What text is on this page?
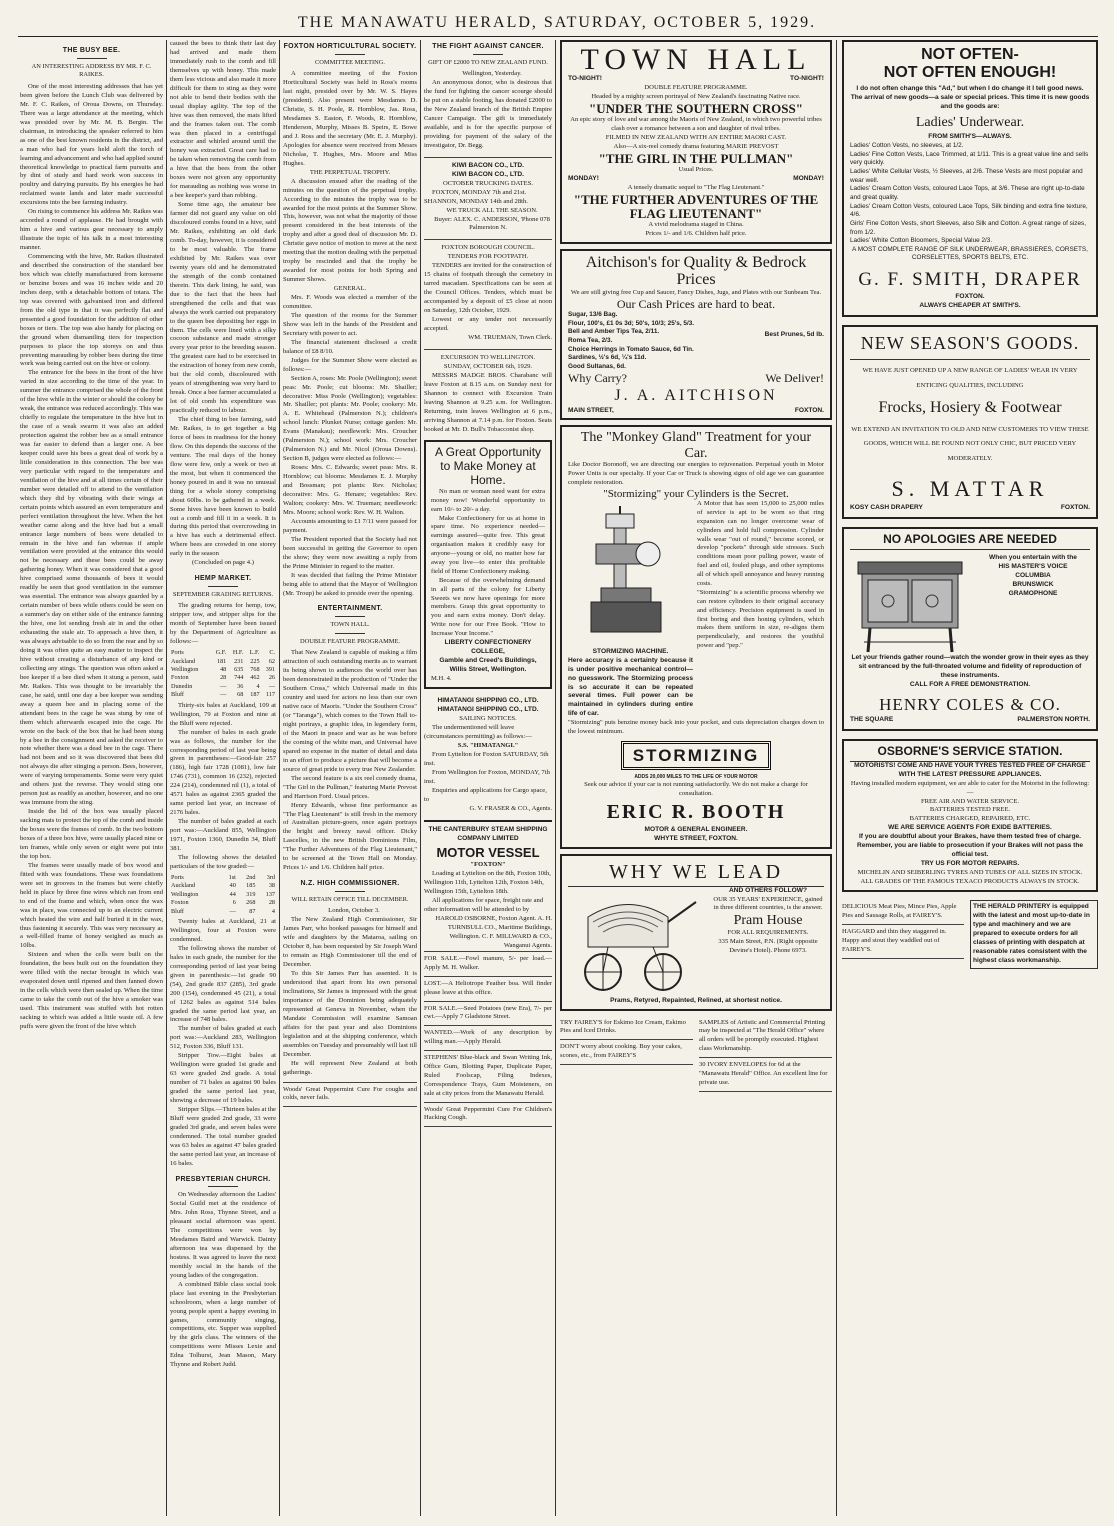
THE MANAWATU HERALD, SATURDAY, OCTOBER 5, 1929.
THE BUSY BEE.
AN INTERESTING ADDRESS BY MR. F. C. RAIKES.

One of the most interesting addresses that has yet been given before the Lunch Club was delivered by Mr. F. C. Raikes, of Oroua Downs, on Thursday. There was a large attendance at the meeting, which was presided over by Mr. M. B. Bergin. The chairman, in introducing the speaker referred to him as one of the best known residents in the district, and a man who had for years held aloft the torch of learning and advancement and who had applied sound theoretical knowledge to practical farm pursuits and by dint of study and hard work won success in poultry and dairying pursuits. By his energies he had reclaimed waste lands and later made successful excursions into the bee farming industry.

On rising to commence his address Mr. Raikes was accorded a round of applause. He had brought with him a hive and various gear necessary to amply illustrate the topic of his talk in a most interesting manner.

Commencing with the hive, Mr. Raikes illustrated and described the construction of the standard bee box which was chiefly manufactured from kerosene or benzine boxes and was 16 inches wide and 20 inches deep, with a detachable bottom of totara. The top was covered with galvanised iron and differed from the old type in that it was perfectly flat and presented a good foundation for the addition of other boxes or tiers. The top was also handy for placing on the ground when dismantling tiers for inspection purposes to place the top storeys on and thus preventing marauding by robber bees during the time work was being carried out on the hive or colony.

The entrance for the bees in the front of the hive varied in size according to the time of the year. In summer the entrance comprised the whole of the front of the hive while in the winter or should the colony be weak, the entrance was reduced accordingly. This was chiefly to regulate the temperature in the hive but in the case of a weak swarm it was also an added protection against the robber bee as a small entrance was far easier to defend than a larger one. A bee keeper could save his bees a great deal of work by a little consideration in this connection. The bee was very particular with regard to the temperature and ventilation of the hive and at all times certain of their number were detailed off to attend to the ventilation which they did by vibrating with their wings at certain points which assured an even temperature and perfect ventilation throughout the hive. When the hot weather came along and the hive had but a small entrance large numbers of bees were detailed to remain in the hive and fan whereas if ample ventilation were provided at the entrance this would not be necessary and these bees could be away gathering honey. When it was considered that a good hive comprised some thousands of bees it would readily be seen that good ventilation in the summer was essential. The entrance was always guarded by a certain number of bees while others could be seen on a summer's day on either side of the entrance fanning the hive, one lot sending fresh air in and the other exhausting the stale air. To approach a hive then, it was always advisable to do so from the rear and by so doing it was often quite an easy matter to inspect the hive without creating a disturbance of any kind or collecting any stings. The question was often asked a bee keeper if a bee died when it stung a person, said Mr. Raikes. This was thought to be invariably the case, he said, until one day a bee keeper was sending away a queen bee and in placing some of the attendant bees in the cage he was stung by one of them which afterwards escaped into the cage. He wrote on the back of the box that he had been stung by a bee in the consignment and asked the receiver to note whether there was a dead bee in the cage. There had not been and so it was discovered that bees did not always die after stinging a person. Bees, however, were of varying temperaments. Some were very quiet and others just the reverse. They would sting one person just as readily as another, however, and no one was immune from the sting.

Inside the lid of the box was usually placed sacking mats to protect the top of the comb and inside the boxes were the frames of comb. In the two bottom boxes of a three box hive, were usually placed nine or ten frames, while only seven or eight were put into the top box.

The frames were usually made of box wood and fitted with wax foundations. These wax foundations were set in grooves in the frames but were chiefly held in place by three fine wires which ran from end to end of the frame and which, when once the wax was in place, was connected up to an electric current which heated the wire and half buried it in the wax, thus fastening it securely. This was very necessary as a well-filled frame of honey weighed as much as 10lbs.

Sixteen and when the cells were built on the foundation, the bees built out on the foundation they were filled with the nectar brought in which was evaporated down until ripened and then fanned down in the cells which were then sealed up. When the time came to take the comb out of the hive a smoker was used. This instrument was stuffed with hot rotten sacking to which was added a little waste oil. A few puffs were given the front of the hive which

caused the bees to think their last day had arrived and made them immediately rush to the comb and fill themselves up with honey. This made them less vicious and also made it more difficult for them to sting as they were not able to bend their bodies with the usual display agility. The top of the hive was then removed, the mats lifted and the frames taken out. The comb was then placed in a centrifugal extractor and whirled around until the honey was extracted. Great care had to be taken when removing the comb from a hive that the bees from the other boxes were not given any opportunity for marauding as nothing was worse in a bee keeper's yard than robbing.

Some time ago, the amateur bee farmer did not guard any value on old discoloured combs found in a hive, said Mr. Raikes, exhibiting an old dark comb. To-day, however, it is considered to be most valuable. The frame exhibited by Mr. Raikes was over twenty years old and he demonstrated the strength of the comb contained therein. This dark lining, he said, was due to the fact that the bees had strengthened the cells and that was always the work carried out preparatory to the queen bee depositing her eggs in them. The cells were lined with a silky cocoon substance and made stronger every year prior to the breeding season. The greatest care had to be exercised in the extraction of honey from new comb, but the old comb, discoloured with years of strengthening was very hard to break. Once a bee farmer accumulated a lot of old comb his expenditure was practically reduced to labour.

The chief thing in bee farming, said Mr. Raikes, is to get together a big force of bees in readiness for the honey flow. On this depends the success of the venture. The real days of the honey flow were few, only a week or two at the most, but when it commenced the honey poured in and it was no unusual thing for a whole storey comprising about 60lbs. to be gathered in a week. Some hives have been known to build out a comb and fill it in a week. It is during this period that overcrowding in a hive has such a detrimental effect. Where bees are crowded in one storey early in the season

(Concluded on page 4.)
HEMP MARKET.
SEPTEMBER GRADING RETURNS.

The grading returns for hemp, tow, stripper tow, and stripper slips for the month of September have been issued by the Department of Agriculture as follows:—

Ports	G.F.	H.F.	L.F.	C.
Auckland	181	231	225	62
Wellington	48	635	768	391
Foxton	28	744	462	26
Dunedin	—	36	4	—
Bluff	—	68	187	117

Thirty-six bales at Auckland, 109 at Wellington, 79 at Foxton and nine at the Bluff were rejected.

The number of bales in each grade was as follows, the number for the corresponding period of last year being given in parentheses:—Good-fair 257 (186), high fair 1728 (1081), low fair 1746 (731), common 16 (232), rejected 224 (214), condemned nil (1), a total of 4571 bales as against 2365 graded the same period last year, an increase of 2176 bales.

The number of bales graded at each port was:—Auckland 855, Wellington 1971, Foxton 1360, Dunedin 34, Bluff 381.

The following shows the detailed particulars of the tow graded:—

Ports	1st	2nd	3rd
Auckland	40	185	38
Wellington	44	319	137
Foxton	6	268	28
Bluff	—	87	4

Twenty bales at Auckland, 21 at Wellington, four at Foxton were condemned.

The following shows the number of bales in each grade, the number for the corresponding period of last year being given in parenthesis:—1st grade 90 (54), 2nd grade 837 (285), 3rd grade 200 (154), condemned 45 (21), a total of 1262 bales as against 514 bales graded the same period last year, an increase of 748 bales.

The number of bales graded at each port was:—Auckland 283, Wellington 512, Foxton 336, Bluff 131.

Stripper Tow.—Eight bales at Wellington were graded 1st grade and 63 were graded 2nd grade. A total number of 71 bales as against 90 bales graded the same period last year, showing a decrease of 19 bales.

Stripper Slips.—Thirteen bales at the Bluff were graded 2nd grade, 33 were graded 3rd grade, and seven bales were condemned. The total number graded was 63 bales as against 47 bales graded the same period last year, an increase of 16 bales.

PRESBYTERIAN CHURCH.

On Wednesday afternoon the Ladies' Social Guild met at the residence of Mrs. John Ross, Thynne Street, and a pleasant social afternoon was spent. The competitions were won by Mesdames Baird and Warwick. Dainty afternoon tea was dispensed by the hostess. It was agreed to leave the next monthly social in the hands of the young ladies of the congregation.

A combined Bible class social took place last evening in the Presbyterian schoolroom, when a large number of young people spent a happy evening in games, community singing, competitions, etc. Supper was supplied by the girls class. The winners of the competitions were Misses Lexie and Edna Tolhurst, Jean Mason, Mary Thynne and Robert Judd.

FOXTON HORTICULTURAL SOCIETY.
COMMITTEE MEETING.

A committee meeting of the Foxton Horticultural Society was held in Ross's rooms last night, presided over by Mr. W. S. Hayes (president). Also present were Mesdames D. Christie, S. H. Poole, R. Hornblow, Jas. Ross, Mesdames S. Easton, F. Woods, R. Hornblow, Henderson, Murphy, Misses B. Speirs, E. Bowe and J. Ross and the secretary (Mr. E. J. Murphy). Apologies for absence were received from Messrs Nicholas, T. Hughes, Mrs. Moore and Miss Hughes.

THE PERPETUAL TROPHY.

A discussion ensued after the reading of the minutes on the question of the perpetual trophy. According to the minutes the trophy was to be awarded for the most points at the Summer Show. This, however, was not what the majority of those present considered in the best interests of the trophy and after a good deal of discussion Mr. D. Christie gave notice of motion to move at the next meeting that the motion dealing with the perpetual trophy be rescinded and that the trophy be awarded for most points for both Spring and Summer Shows.

GENERAL.

Mrs. F. Woods was elected a member of the committee.

The question of the rooms for the Summer Show was left in the hands of the President and Secretary with power to act.

The financial statement disclosed a credit balance of £8 8/10.

Judges for the Summer Show were elected as follows:—

Section A, roses: Mr. Poole (Wellington); sweet peas: Mr. Poole; cut blooms: Mr. Shailler; decorative: Miss Poole (Wellington); vegetables: Mr. Shailler; pot plants: Mr. Poole; cookery: Mr. A. E. Whitehead (Palmerston N.); children's school lunch: Plunket Nurse; cottage garden: Mr. Evans (Manakau); needlework: Mrs. Croucher (Palmerston N.); school work: Mrs. Croucher (Palmerston N.) and Mr. Nicol (Oroua Downs). Section B, judges were elected as follows:—

Roses: Mrs. C. Edwards; sweet peas: Mrs. R. Hornblow; cut blooms: Mesdames E. J. Murphy and Bossman; pot plants: Rev. Nicholas; decorative: Mrs. G. Henare; vegetables: Rev. Walton; cookery: Mrs. W. Trueman; needlework: Mrs. Moore; school work: Rev. W. H. Walton.

Accounts amounting to £1 7/11 were passed for payment.

The President reported that the Society had not been successful in getting the Governor to open the show; they were now awaiting a reply from the Prime Minister in regard to the matter.

It was decided that failing the Prime Minister being able to attend that the Mayor of Wellington (Mr. Troup) be asked to preside over the opening.

ENTERTAINMENT.
TOWN HALL.
DOUBLE FEATURE PROGRAMME.

That New Zealand is capable of making a film attraction of such outstanding merits as to warrant its being shown to audiences the world over has been demonstrated in the production of "Under the Southern Cross," which Universal made in this country and used for actors no less than our own native race of Maoris. "Under the Southern Cross" (or "Taranga"), which comes to the Town Hall to-night portrays, a graphic idea, in legendary form, of the Maori in peace and war as he was before the coming of the white man, and Universal have spared no expense in the matter of detail and data in an effort to produce a picture that will become a source of great pride to every true New Zealander.

The second feature is a six reel comedy drama, "The Girl in the Pullman," featuring Marie Prevost and Harrison Ford. Usual prices.

Henry Edwards, whose fine performance as "The Flag Lieutenant" is still fresh in the memory of Australian picture-goers, once again portrays the bright and breezy naval officer. Dicky Lascelles, in the new British Dominions Film, "The Further Adventures of the Flag Lieutenant," to be screened at the Town Hall on Monday. Prices 1/- and 1/6. Children half price.

N.Z. HIGH COMMISSIONER.
WILL RETAIN OFFICE TILL DECEMBER.

London, October 3.

The New Zealand High Commissioner, Sir James Parr, who booked passages for himself and wife and daughters by the Mataroa, sailing on October 8, has been requested by Sir Joseph Ward to remain as High Commissioner till the end of December.

To this Sir James Parr has assented. It is understood that apart from his own personal inclinations, Sir James is impressed with the great importance of the Dominion being adequately represented at Geneva in November, when the Mandate Commission will examine Samoan affairs for the past year and also Dominions legislation and at the shipping conference, which assembles on Tuesday and presumably will last till December.

He will represent New Zealand at both gatherings.

Woods' Great Peppermint Cure For coughs and colds, never fails.
THE FIGHT AGAINST CANCER.
GIFT OF £2000 TO NEW ZEALAND FUND.

Wellington, Yesterday.

An anonymous donor, who is desirous that the fund for fighting the cancer scourge should be put on a stable footing, has donated £2000 to the New Zealand branch of the British Empire Cancer Campaign. The gift is immediately available, and is for the specific purpose of providing for payment of the salary of the investigator, Dr. Begg.

KIWI BACON CO., LTD.
KIWI BACON CO., LTD.
OCTOBER TRUCKING DATES.

FOXTON, MONDAY 7th and 21st. SHANNON, MONDAY 14th and 28th.

WE TRUCK ALL THE SEASON.

Buyer: ALEX. C. ANDERSON, 'Phone 078 Palmerston N.

FOXTON BOROUGH COUNCIL.
TENDERS FOR FOOTPATH.

TENDERS are invited for the construction of 15 chains of footpath through the cemetery in tarred macadam. Specifications can be seen at the Council Offices. Tenders, which must be accompanied by a deposit of £5 close at noon on Saturday, 12th October, 1929.

Lowest or any tender not necessarily accepted.

WM. TRUEMAN, Town Clerk.

EXCURSION TO WELLINGTON.
SUNDAY, OCTOBER 6th, 1929.

MESSRS MADGE BROS. Charabanc will leave Foxton at 8.15 a.m. on Sunday next for Shannon to connect with Excursion Train leaving Shannon at 9.25 a.m. for Wellington. Returning, train leaves Wellington at 6 p.m., arriving Shannon at 7.14 p.m. for Foxton. Seats booked at Mr. D. Bull's Tobacconist shop.

A Great Opportunity to Make Money at Home.

No man or woman need want for extra money now! Wonderful opportunity to earn 10/- to 20/- a day.

Make Confectionery for us at home in spare time. No experience needed—earnings assured—quite free. This great organisation makes it credibly easy for anyone—young or old, no matter how far away you live—to enter this profitable field of Home Confectionery making.

Because of the overwhelming demand in all parts of the colony for Liberty Sweets we now have openings for more members. Grasp this great opportunity to you and earn extra money. Don't delay. Write now for our Free Book. "How to Increase Your Income."

LIBERTY CONFECTIONERY COLLEGE,
Gamble and Creed's Buildings, Willis Street, Wellington.
M.H. 4.
HIMATANGI SHIPPING CO., LTD.
HIMATANGI SHIPPING CO., LTD.
SAILING NOTICES.

The undermentioned will leave (circumstances permitting) as follows:—

S.S. "HIMATANGI."

From Lyttelton for Foxton SATURDAY, 5th inst.

From Wellington for Foxton, MONDAY, 7th inst.

Enquiries and applications for Cargo space, to

G. V. FRASER & CO., Agents.
THE CANTERBURY STEAM SHIPPING COMPANY LIMITED
MOTOR VESSEL
"FOXTON"

Loading at Lyttelton on the 8th, Foxton 10th, Wellington 11th, Lyttelton 12th, Foxton 14th, Wellington 15th, Lyttelton 18th.

All applications for space, freight rate and other information will be attended to by

HAROLD OSBORNE, Foxton Agent. A. H. TURNBULL CO., Maritime Buildings, Wellington. C. F. MILLWARD & CO., Wanganui Agents.

FOR SALE.—Fowl manure, 5/- per load.—Apply M. H. Walker.
LOST.—A Heliotrope Feather boa. Will finder please leave at this office.
FOR SALE.—Seed Potatoes (new Era), 7/- per cwt.—Apply 7 Gladstone Street.
WANTED.—Work of any description by willing man.—Apply Herald.
STEPHENS' Blue-black and Swan Writing Ink, Office Gum, Blotting Paper, Duplicate Paper, Ruled Foolscap, Filing Indexes, Correspondence Trays, Gum Moisteners, on sale at city prices from the Manawatu Herald.
Woods' Great Peppermint Cure For Children's Hacking Cough.
TOWN HALL
TO-NIGHT!	TO-NIGHT!
DOUBLE FEATURE PROGRAMME.
Headed by a mighty screen portrayal of New Zealand's fascinating Native race.
"UNDER THE SOUTHERN CROSS"
An epic story of love and war among the Maoris of New Zealand, in which two powerful tribes clash over a romance between a son and daughter of rival tribes.
FILMED IN NEW ZEALAND WITH AN ENTIRE MAORI CAST.
Also—A six-reel comedy drama featuring MARIE PREVOST
"THE GIRL IN THE PULLMAN"
Usual Prices.
MONDAY!	MONDAY!
A tensely dramatic sequel to "The Flag Lieutenant."
"THE FURTHER ADVENTURES OF THE FLAG LIEUTENANT"
A vivid melodrama staged in China.
Prices 1/- and 1/6. Children half price.
Aitchison's for Quality & Bedrock Prices
We are still giving free Cup and Saucer, Fancy Dishes, Jugs, and Plates with our Sunbeam Tea.
Our Cash Prices are hard to beat.
Sugar, 13/6 Bag.
Flour, 100's, £1 0s 3d; 50's, 10/3; 25's, 5/3.
Bell and Amber Tips Tea, 2/11.
Roma Tea, 2/3.
Choice Herrings in Tomato Sauce, 6d Tin.
Sardines, ½'s 6d, ¼'s 11d.
Good Sultanas, 6d.
Best Prunes, 5d lb.
Why Carry?	We Deliver!
J. A. AITCHISON
MAIN STREET,	FOXTON.
The "Monkey Gland" Treatment for your Car.
Like Doctor Boronoff, we are directing our energies to rejuvenation. Perpetual youth in Motor Power Units is our specialty. If your Car or Truck is showing signs of old age we can guarantee complete restoration.
"Stormizing" your Cylinders is the Secret.
STORMIZING MACHINE.
Here accuracy is a certainty because it is under positive mechanical control—no guesswork. The Stormizing process is so accurate it can be repeated several times. Full power can be maintained in cylinders during entire life of car.
A Motor that has seen 15,000 to 25,000 miles of service is apt to be worn so that ring expansion can no longer overcome wear of cylinders and hold full compression. Cylinder walls wear "out of round," become scored, or develop "pockets" through side stresses. Such conditions mean poor pulling power, waste of fuel and oil, fouled plugs, and other symptoms all of which spell annoyance and heavy running costs.
"Stormizing" is a scientific process whereby we can restore cylinders to their original accuracy and efficiency. Precision equipment is used in first boring and then honing cylinders, which makes them uniform in size, re-aligns them perpendicularly, and restores the youthful power and "pep."
"Stormizing" puts benzine money back into your pocket, and cuts depreciation charges down to the lowest minimum.
STORMIZING
ADDS 20,000 MILES TO THE LIFE OF YOUR MOTOR
Seek our advice if your car is not running satisfactorily. We do not make a charge for consultation.
ERIC R. BOOTH
MOTOR & GENERAL ENGINEER.
WHYTE STREET, FOXTON.
WHY WE LEAD
AND OTHERS FOLLOW?
OUR 35 YEARS' EXPERIENCE, gained in three different countries, is the answer.
Pram House
FOR ALL REQUIREMENTS.
335 Main Street, P.N. (Right opposite Devine's Hotel). Phone 6973.
Prams, Retyred, Repainted, Relined, at shortest notice.
TRY FAIREY'S for Eskimo Ice Cream, Eskimo Pies and Iced Drinks.
DON'T worry about cooking. Buy your cakes, scones, etc., from FAIREY'S
SAMPLES of Artistic and Commercial Printing may be inspected at "The Herald Office" where all orders will be promptly executed. Highest class Workmanship.
30 IVORY ENVELOPES for 6d at the "Manawatu Herald" Office. An excellent line for private use.
NOT OFTEN-
NOT OFTEN ENOUGH!
I do not often change this "Ad," but when I do change it I tell good news. The arrival of new goods—a sale or special prices. This time it is new goods and the goods are:
Ladies' Underwear.
FROM SMITH'S—ALWAYS.
Ladies' Cotton Vests, no sleeves, at 1/2.
Ladies' Fine Cotton Vests, Lace Trimmed, at 1/11. This is a great value line and sells very quickly.
Ladies' White Cellular Vests, ½ Sleeves, at 2/6. These Vests are most popular and wear well.
Ladies' Cream Cotton Vests, coloured Lace Tops, at 3/6. These are right up-to-date and great quality.
Ladies' Cream Cotton Vests, coloured Lace Tops, Silk binding and extra fine texture, 4/6.
Girls' Fine Cotton Vests, short Sleeves, also Silk and Cotton. A great range of sizes, from 1/2.
Ladies' White Cotton Bloomers, Special Value 2/3.
A MOST COMPLETE RANGE OF SILK UNDERWEAR, BRASSIERES, CORSETS, CORSELETTES, SPORTS BELTS, ETC.
G. F. SMITH, DRAPER
FOXTON.
ALWAYS CHEAPER AT SMITH'S.
NEW SEASON'S GOODS.
WE HAVE JUST OPENED UP A NEW RANGE OF LADIES' WEAR IN VERY ENTICING QUALITIES, INCLUDING
Frocks, Hosiery & Footwear
WE EXTEND AN INVITATION TO OLD AND NEW CUSTOMERS TO VIEW THESE GOODS, WHICH WILL BE FOUND NOT ONLY CHIC, BUT PRICED VERY MODERATELY.
S. MATTAR
KOSY CASH DRAPERY	FOXTON.
NO APOLOGIES ARE NEEDED
When you entertain with the
HIS MASTER'S VOICE
COLUMBIA
BRUNSWICK
GRAMOPHONE
Let your friends gather round—watch the wonder grow in their eyes as they sit entranced by the full-throated volume and fidelity of reproduction of these instruments.
CALL FOR A FREE DEMONSTRATION.
HENRY COLES & CO.
THE SQUARE	PALMERSTON NORTH.
OSBORNE'S SERVICE STATION.
MOTORISTS! COME AND HAVE YOUR TYRES TESTED FREE OF CHARGE WITH THE LATEST PRESSURE APPLIANCES.
Having installed modern equipment, we are able to cater for the Motorist in the following:—
FREE AIR AND WATER SERVICE.
BATTERIES TESTED FREE.
BATTERIES CHARGED, REPAIRED, ETC.
WE ARE SERVICE AGENTS FOR EXIDE BATTERIES.
If you are doubtful about your Brakes, have them tested free of charge. Remember, you are liable to prosecution if your Brakes will not pass the official test.
TRY US FOR MOTOR REPAIRS.
MICHELIN AND SEIBERLING TYRES AND TUBES OF ALL SIZES IN STOCK.
ALL GRADES OF THE FAMOUS TEXACO PRODUCTS ALWAYS IN STOCK.
DELICIOUS Meat Pies, Mince Pies, Apple Pies and Sausage Rolls, at FAIREY'S.
HAGGARD and thin they staggered in. Happy and stout they waddled out of FAIREY'S.
THE HERALD PRINTERY is equipped with the latest and most up-to-date in type and machinery and we are prepared to execute orders for all classes of printing with despatch at reasonable rates consistent with the highest class workmanship.
